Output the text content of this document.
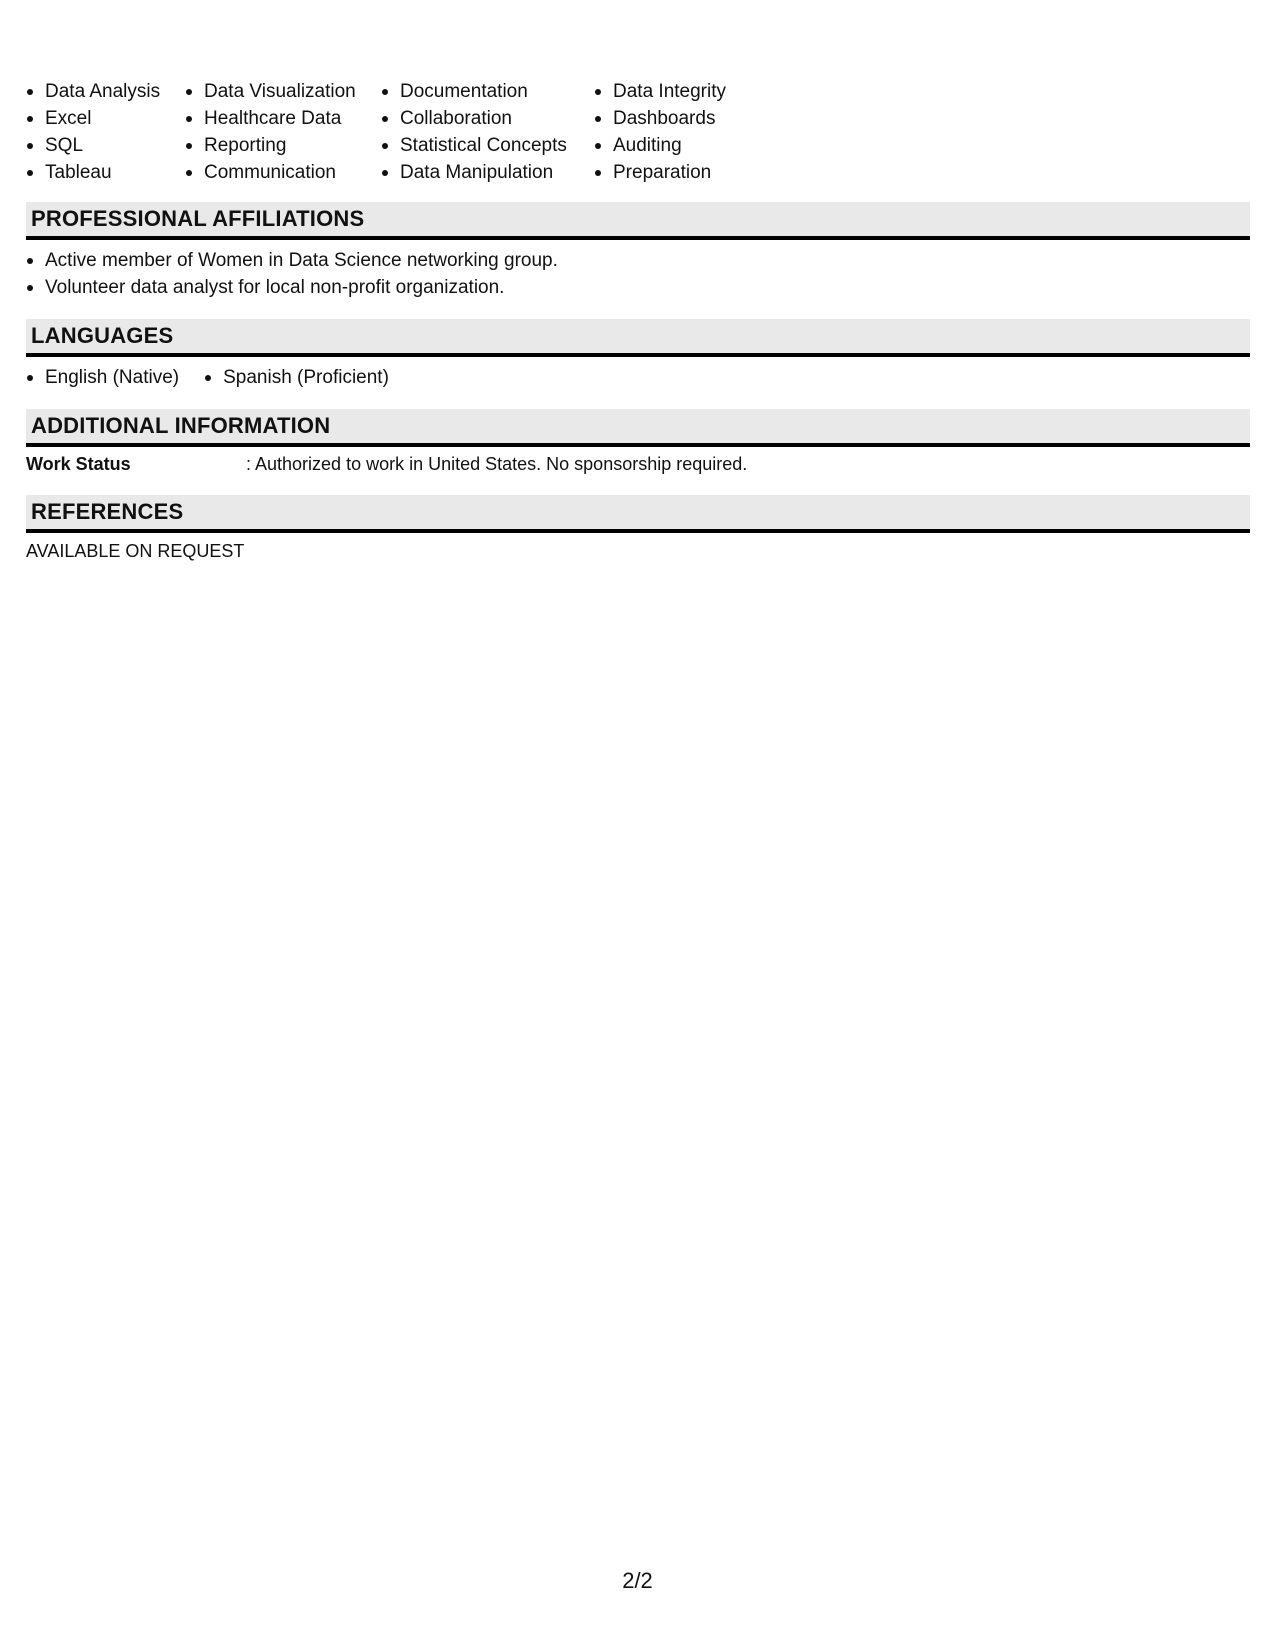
Data Analysis
Excel
SQL
Tableau
Data Visualization
Healthcare Data
Reporting
Communication
Documentation
Collaboration
Statistical Concepts
Data Manipulation
Data Integrity
Dashboards
Auditing
Preparation
PROFESSIONAL AFFILIATIONS
Active member of Women in Data Science networking group.
Volunteer data analyst for local non-profit organization.
LANGUAGES
English (Native)	Spanish (Proficient)
ADDITIONAL INFORMATION
Work Status	: Authorized to work in United States. No sponsorship required.
REFERENCES
AVAILABLE ON REQUEST
2/2
